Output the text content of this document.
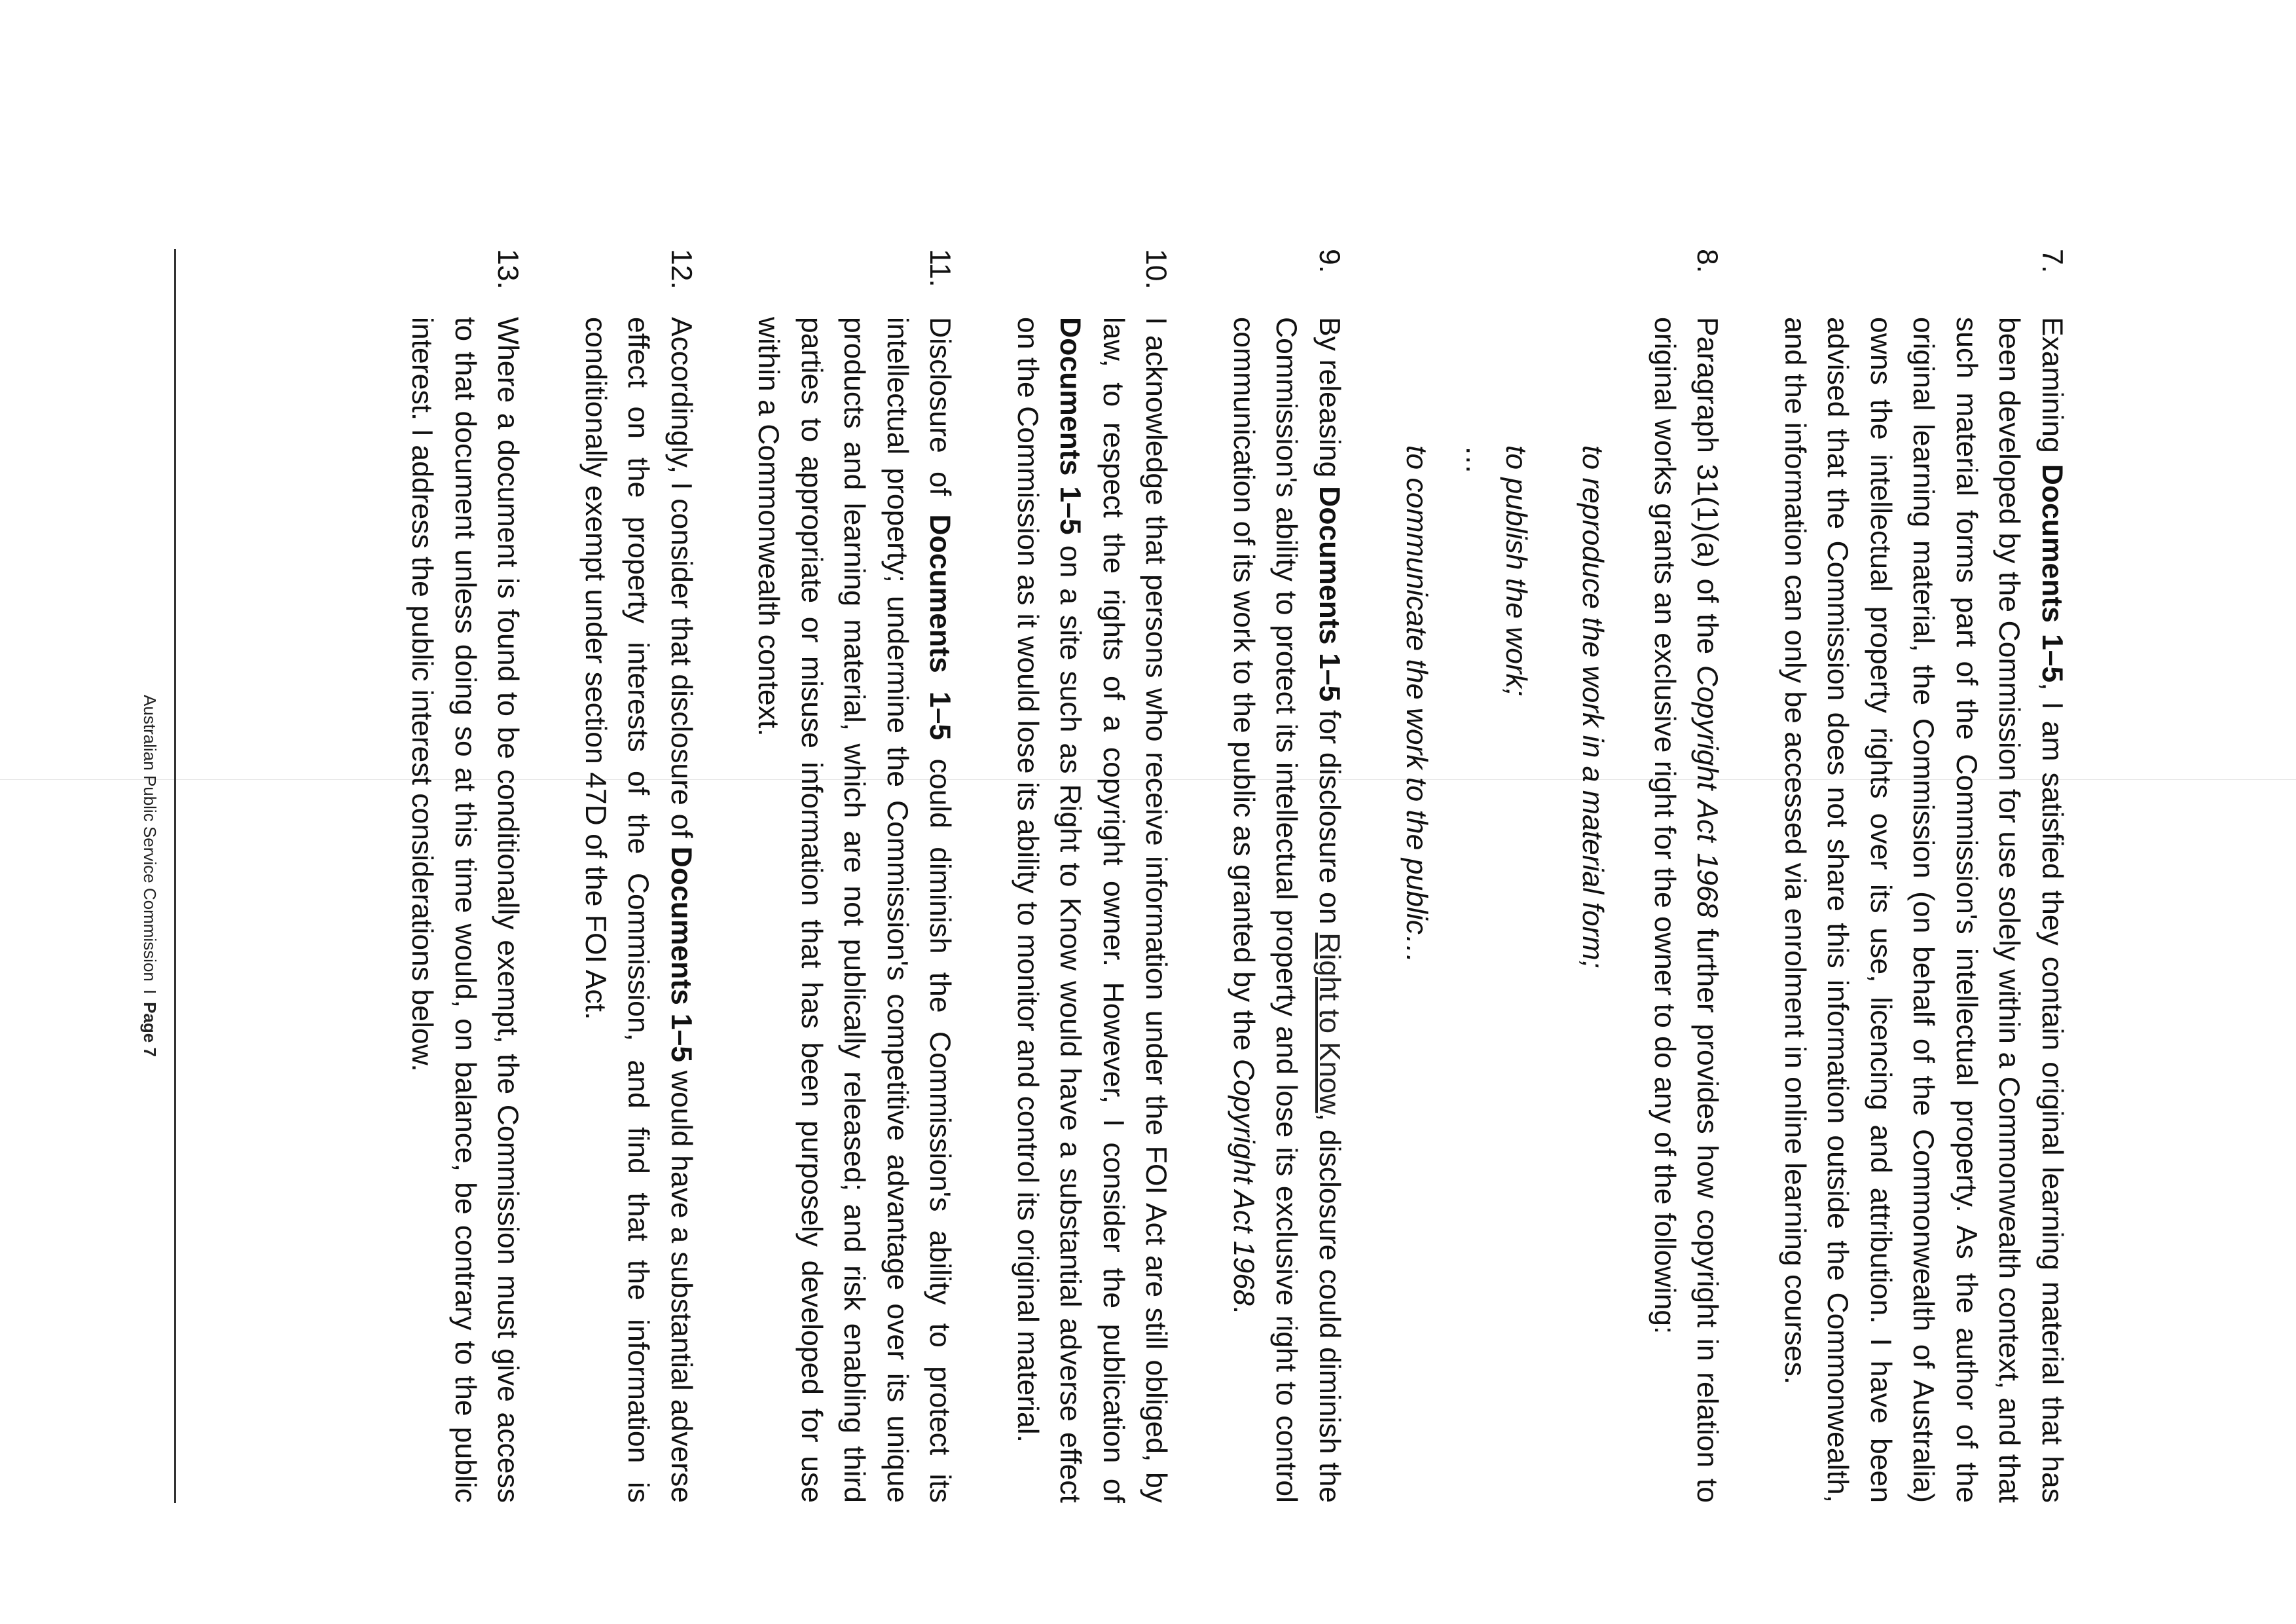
7.
Examining Documents 1–5, I am satisfied they contain original learning material that has been developed by the Commission for use solely within a Commonwealth context, and that such material forms part of the Commission's intellectual property. As the author of the original learning material, the Commission (on behalf of the Commonwealth of Australia) owns the intellectual property rights over its use, licencing and attribution. I have been advised that the Commission does not share this information outside the Commonwealth, and the information can only be accessed via enrolment in online learning courses.
8.
Paragraph 31(1)(a) of the Copyright Act 1968 further provides how copyright in relation to original works grants an exclusive right for the owner to do any of the following:
to reproduce the work in a material form;
to publish the work;
…
to communicate the work to the public…
9.
By releasing Documents 1–5 for disclosure on Right to Know, disclosure could diminish the Commission's ability to protect its intellectual property and lose its exclusive right to control communication of its work to the public as granted by the Copyright Act 1968.
10.
I acknowledge that persons who receive information under the FOI Act are still obliged, by law, to respect the rights of a copyright owner. However, I consider the publication of Documents 1–5 on a site such as Right to Know would have a substantial adverse effect on the Commission as it would lose its ability to monitor and control its original material.
11.
Disclosure of Documents 1–5 could diminish the Commission's ability to protect its intellectual property; undermine the Commission's competitive advantage over its unique products and learning material, which are not publically released; and risk enabling third parties to appropriate or misuse information that has been purposely developed for use within a Commonwealth context.
12.
Accordingly, I consider that disclosure of Documents 1–5 would have a substantial adverse effect on the property interests of the Commission, and find that the information is conditionally exempt under section 47D of the FOI Act.
13.
Where a document is found to be conditionally exempt, the Commission must give access to that document unless doing so at this time would, on balance, be contrary to the public interest. I address the public interest considerations below.
Australian Public Service CommissionIPage 7
